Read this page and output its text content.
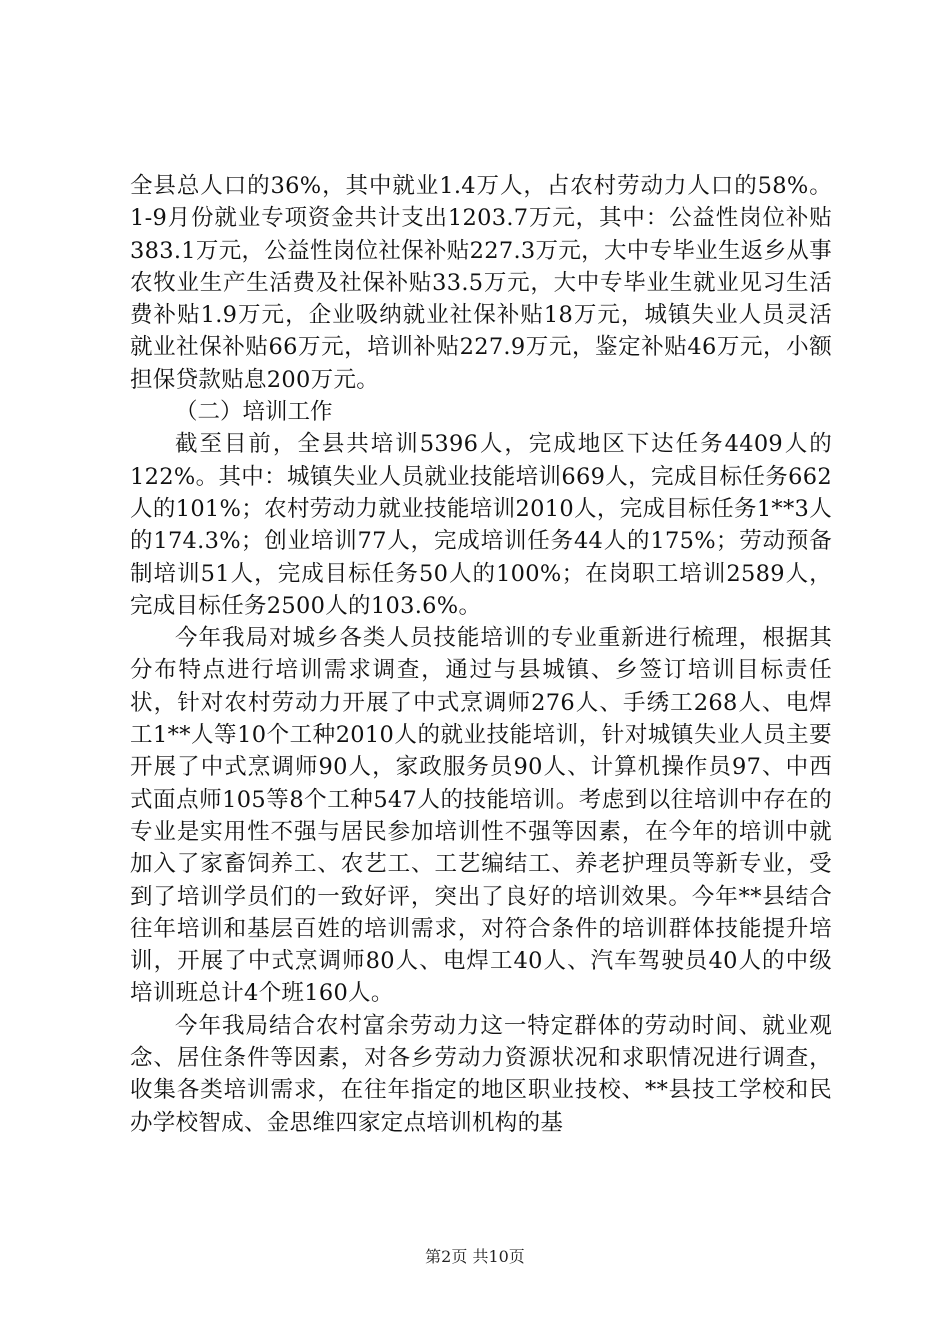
全县总人口的36%，其中就业1.4万人，占农村劳动力人口的58%。1-9月份就业专项资金共计支出1203.7万元，其中：公益性岗位补贴383.1万元，公益性岗位社保补贴227.3万元，大中专毕业生返乡从事农牧业生产生活费及社保补贴33.5万元，大中专毕业生就业见习生活费补贴1.9万元，企业吸纳就业社保补贴18万元，城镇失业人员灵活就业社保补贴66万元，培训补贴227.9万元，鉴定补贴46万元，小额担保贷款贴息200万元。

（二）培训工作

截至目前，全县共培训5396人，完成地区下达任务4409人的122%。其中：城镇失业人员就业技能培训669人，完成目标任务662人的101%；农村劳动力就业技能培训2010人，完成目标任务1**3人的174.3%；创业培训77人，完成培训任务44人的175%；劳动预备制培训51人，完成目标任务50人的100%；在岗职工培训2589人，完成目标任务2500人的103.6%。

今年我局对城乡各类人员技能培训的专业重新进行梳理，根据其分布特点进行培训需求调查，通过与县城镇、乡签订培训目标责任状，针对农村劳动力开展了中式烹调师276人、手绣工268人、电焊工1**人等10个工种2010人的就业技能培训，针对城镇失业人员主要开展了中式烹调师90人，家政服务员90人、计算机操作员97、中西式面点师105等8个工种547人的技能培训。考虑到以往培训中存在的专业是实用性不强与居民参加培训性不强等因素，在今年的培训中就加入了家畜饲养工、农艺工、工艺编结工、养老护理员等新专业，受到了培训学员们的一致好评，突出了良好的培训效果。今年**县结合往年培训和基层百姓的培训需求，对符合条件的培训群体技能提升培训，开展了中式烹调师80人、电焊工40人、汽车驾驶员40人的中级培训班总计4个班160人。

今年我局结合农村富余劳动力这一特定群体的劳动时间、就业观念、居住条件等因素，对各乡劳动力资源状况和求职情况进行调查，收集各类培训需求，在往年指定的地区职业技校、**县技工学校和民办学校智成、金思维四家定点培训机构的基

第2页 共10页
